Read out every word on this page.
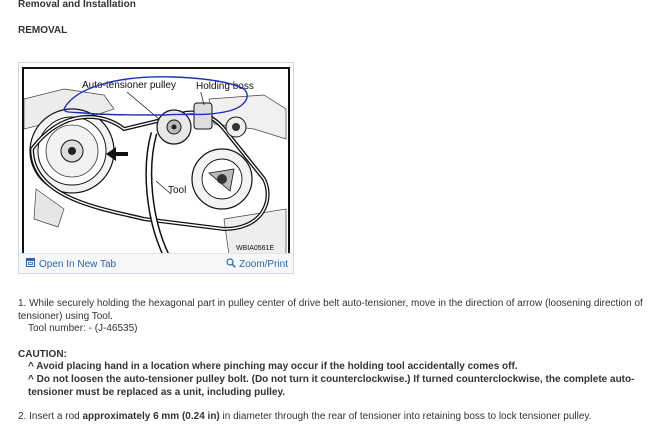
Removal and Installation
REMOVAL
Auto-tensioner pulley Holding boss
Tool
WBIA0561E
Open In New Tab	Zoom/Print

1. While securely holding the hexagonal part in pulley center of drive belt auto-tensioner, move in the direction of arrow (loosening direction of tensioner) using Tool.

Tool number: - (J-46535)

CAUTION:

^ Avoid placing hand in a location where pinching may occur if the holding tool accidentally comes off.

^ Do not loosen the auto-tensioner pulley bolt. (Do not turn it counterclockwise.) If turned counterclockwise, the complete auto-tensioner must be replaced as a unit, including pulley.

2. Insert a rod approximately 6 mm (0.24 in) in diameter through the rear of tensioner into retaining boss to lock tensioner pulley.
